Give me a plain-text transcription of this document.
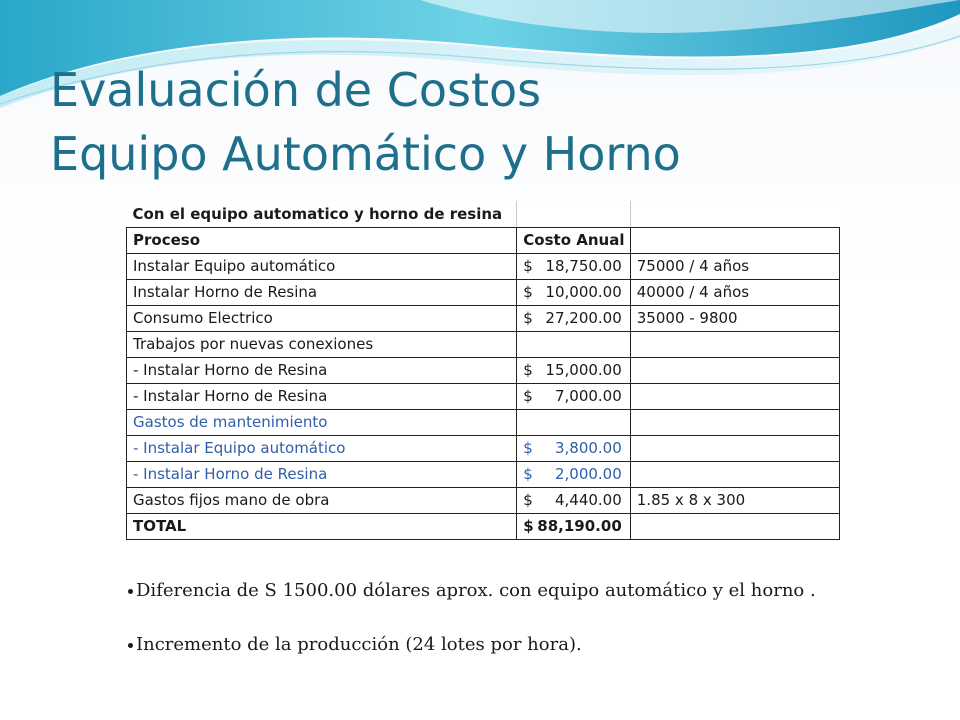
Evaluación de Costos
Equipo Automático y Horno
Con el equipo automatico y horno de resina		
Proceso	Costo Anual	
Instalar Equipo automático	$ 18,750.00	75000 / 4 años
Instalar Horno de Resina	$ 10,000.00	40000 / 4 años
Consumo Electrico	$ 27,200.00	35000 - 9800
Trabajos por nuevas conexiones	

- Instalar Horno de Resina	$ 15,000.00	

- Instalar Horno de Resina	$ 7,000.00	

Gastos de mantenimiento	

- Instalar Equipo automático	$ 3,800.00	

- Instalar Horno de Resina	$ 2,000.00	

Gastos fijos mano de obra	$ 4,440.00	1.85 x 8 x 300
TOTAL	$ 88,190.00	

Diferencia de S 1500.00 dólares aprox. con equipo automático y el horno .
Incremento de la producción (24 lotes por hora).
